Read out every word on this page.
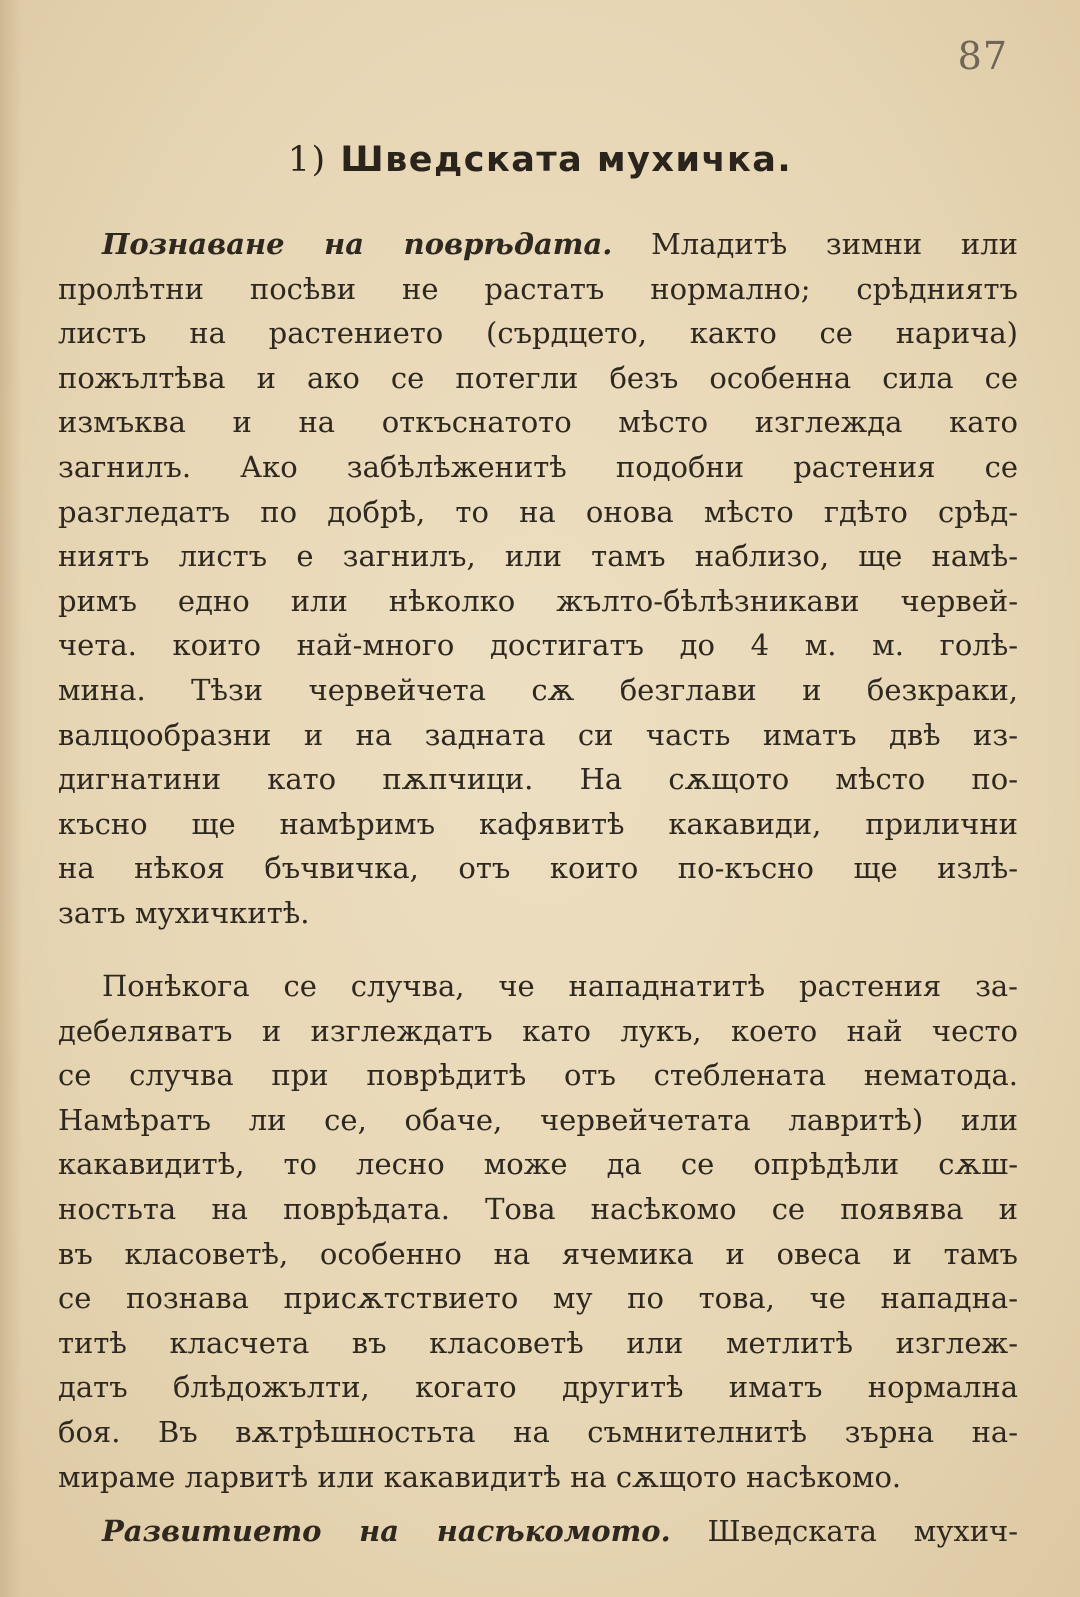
87
1) Шведската мухичка.
Познаване на поврѣдата. Младитѣ зимни или
пролѣтни посѣви не растатъ нормално; срѣдниятъ
листъ на растението (сърдцето, както се нарича)
пожълтѣва и ако се потегли безъ особенна сила се
измъква и на откъснатото мѣсто изглежда като
загнилъ. Ако забѣлѣженитѣ подобни растения се
разгледатъ по добрѣ, то на онова мѣсто гдѣто срѣд-
ниятъ листъ е загнилъ, или тамъ наблизо, ще намѣ-
римъ едно или нѣколко жълто-бѣлѣзникави червей-
чета. които най-много достигатъ до 4 м. м. голѣ-
мина. Тѣзи червейчета сѫ безглави и безкраки,
валцообразни и на задната си часть иматъ двѣ из-
дигнатини като пѫпчици. На сѫщото мѣсто по-
късно ще намѣримъ кафявитѣ какавиди, прилични
на нѣкоя бъчвичка, отъ които по-късно ще излѣ-
затъ мухичкитѣ.
Понѣкога се случва, че нападнатитѣ растения за-
дебеляватъ и изглеждатъ като лукъ, което най често
се случва при поврѣдитѣ отъ стеблената нематода.
Намѣратъ ли се, обаче, червейчетата лавритѣ) или
какавидитѣ, то лесно може да се опрѣдѣли сѫш-
ностьта на поврѣдата. Това насѣкомо се появява и
въ класоветѣ, особенно на ячемика и овеса и тамъ
се познава присѫтствието му по това, че нападна-
титѣ класчета въ класоветѣ или метлитѣ изглеж-
датъ блѣдожълти, когато другитѣ иматъ нормална
боя. Въ вѫтрѣшностьта на съмнителнитѣ зърна на-
мираме ларвитѣ или какавидитѣ на сѫщото насѣкомо.
Развитието на насѣкомото. Шведската мухич-
